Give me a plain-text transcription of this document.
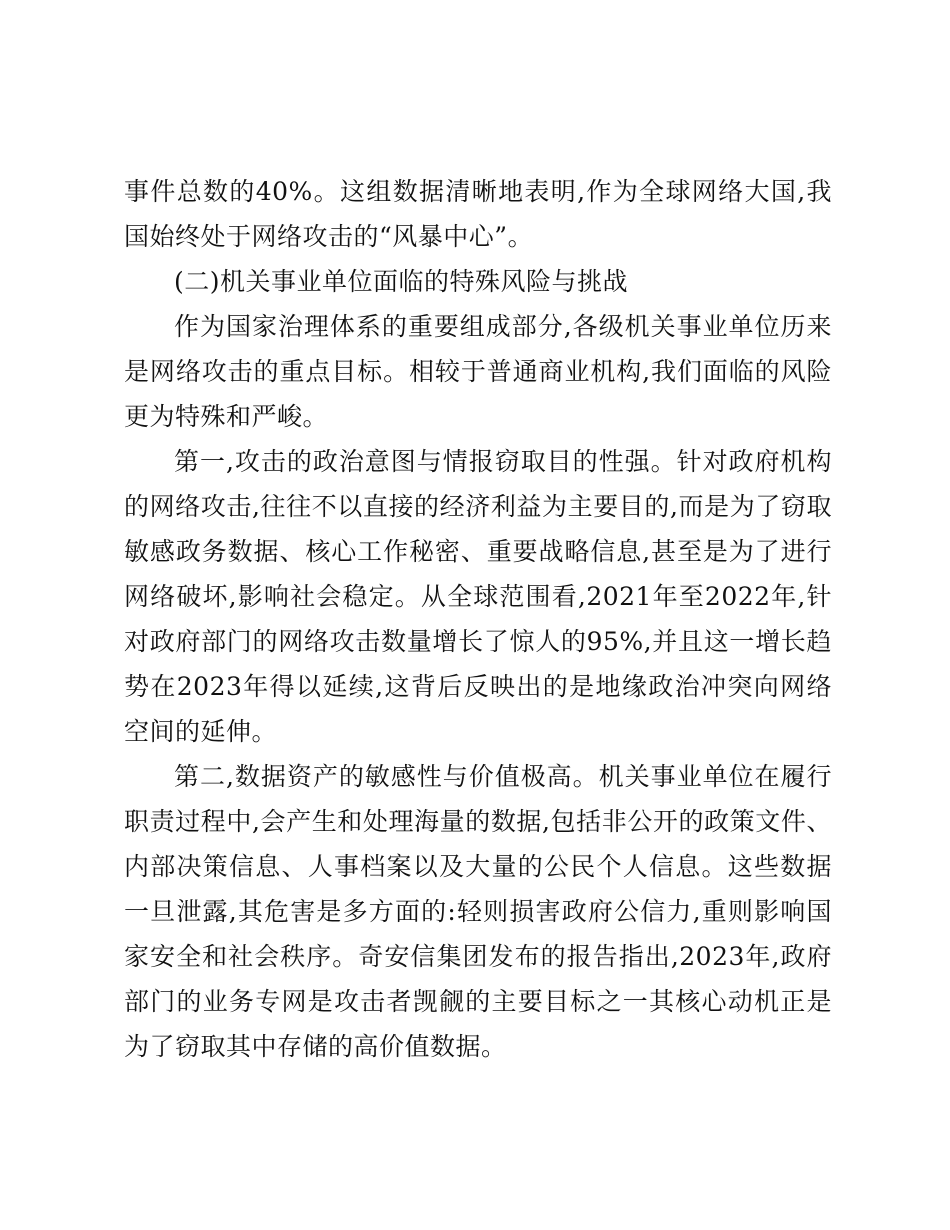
事件总数的40%。这组数据清晰地表明,作为全球网络大国,我国始终处于网络攻击的“风暴中心”。

(二)机关事业单位面临的特殊风险与挑战

作为国家治理体系的重要组成部分,各级机关事业单位历来是网络攻击的重点目标。相较于普通商业机构,我们面临的风险更为特殊和严峻。

第一,攻击的政治意图与情报窃取目的性强。针对政府机构的网络攻击,往往不以直接的经济利益为主要目的,而是为了窃取敏感政务数据、核心工作秘密、重要战略信息,甚至是为了进行网络破坏,影响社会稳定。从全球范围看,2021年至2022年,针对政府部门的网络攻击数量增长了惊人的95%,并且这一增长趋势在2023年得以延续,这背后反映出的是地缘政治冲突向网络空间的延伸。

第二,数据资产的敏感性与价值极高。机关事业单位在履行职责过程中,会产生和处理海量的数据,包括非公开的政策文件、内部决策信息、人事档案以及大量的公民个人信息。这些数据一旦泄露,其危害是多方面的:轻则损害政府公信力,重则影响国家安全和社会秩序。奇安信集团发布的报告指出,2023年,政府部门的业务专网是攻击者觊觎的主要目标之一其核心动机正是为了窃取其中存储的高价值数据。
